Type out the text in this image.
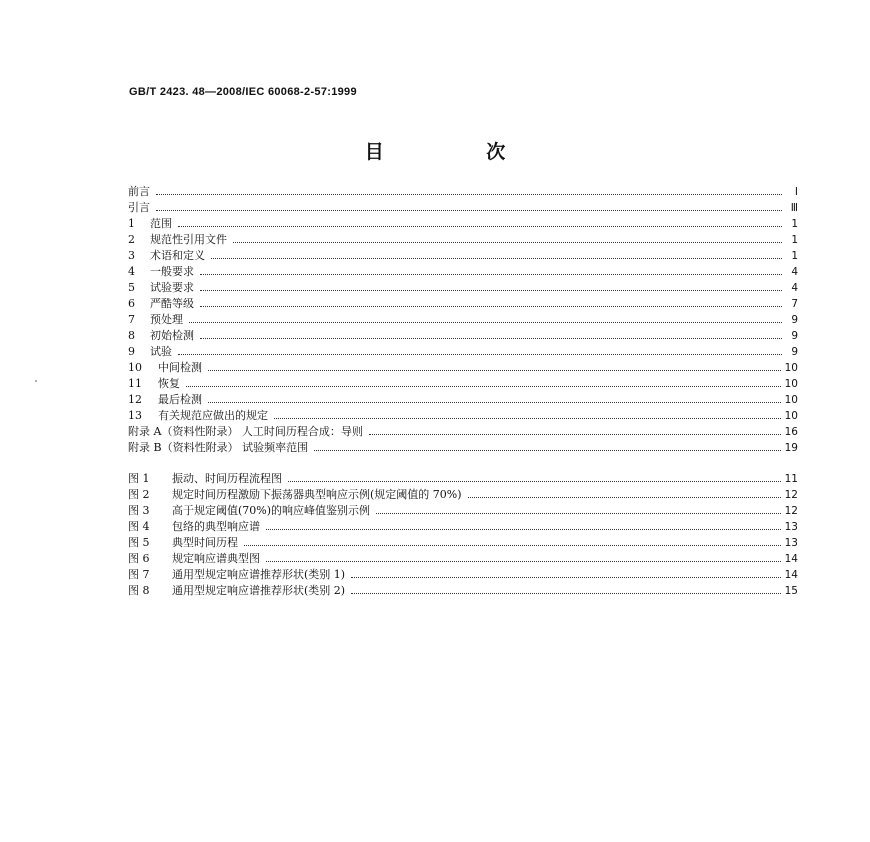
GB/T 2423. 48—2008/IEC 60068-2-57:1999
目 次
前言	I
引言	Ⅲ
1	范围	1
2	规范性引用文件	1
3	术语和定义	1
4	一般要求	4
5	试验要求	4
6	严酷等级	7
7	预处理	9
8	初始检测	9
9	试验	9
10	中间检测	10
11	恢复	10
12	最后检测	10
13	有关规范应做出的规定	10
附录 A（资料性附录） 人工时间历程合成：导则	16
附录 B（资料性附录） 试验频率范围	19
图 1	振动、时间历程流程图	11
图 2	规定时间历程激励下振荡器典型响应示例(规定阈值的 70%)	12
图 3	高于规定阈值(70%)的响应峰值鉴别示例	12
图 4	包络的典型响应谱	13
图 5	典型时间历程	13
图 6	规定响应谱典型图	14
图 7	通用型规定响应谱推荐形状(类别 1)	14
图 8	通用型规定响应谱推荐形状(类别 2)	15
